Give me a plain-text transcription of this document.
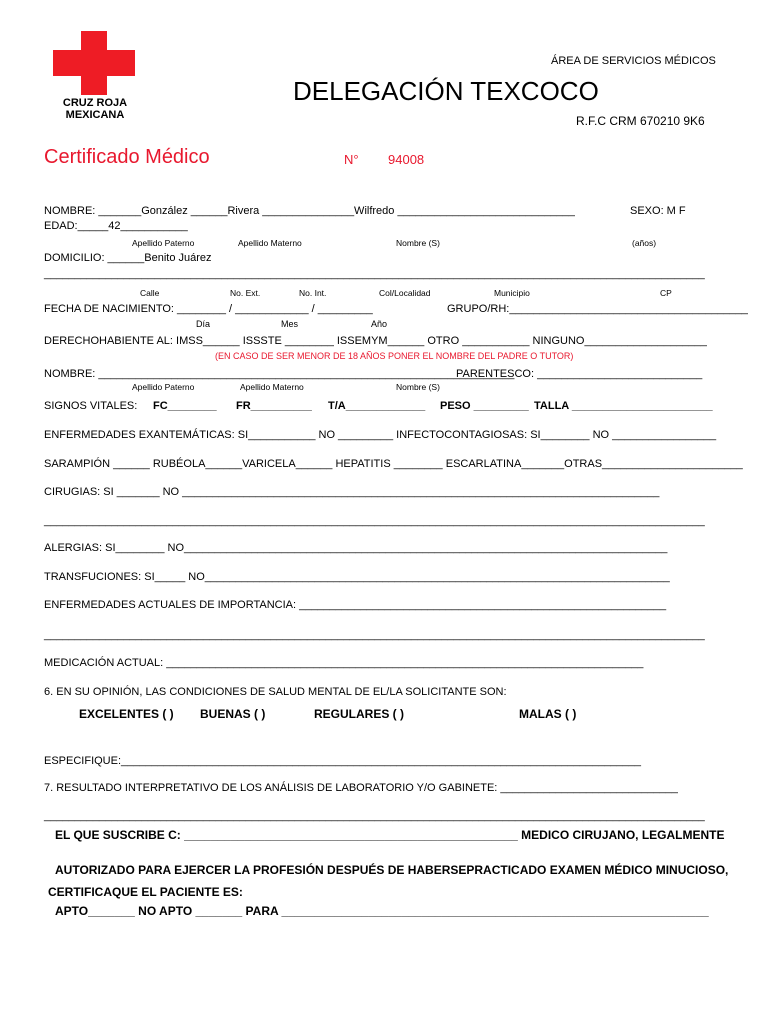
CRUZ ROJA
MEXICANA
ÁREA DE SERVICIOS MÉDICOS
DELEGACIÓN TEXCOCO
R.F.C CRM 670210 9K6
Certificado Médico	N° 94008
NOMBRE: _______González ______Rivera _______________Wilfredo _____________________________	SEXO: M F
EDAD:_____42___________
Apellido Paterno	Apellido Materno	Nombre (S)	(años)
DOMICILIO: ______Benito Juárez
____________________________________________________________________________________________________________
Calle	No. Ext.	No. Int.	Col/Localidad	Municipio	CP
FECHA DE NACIMIENTO: ________ / ____________ / _________	GRUPO/RH:_______________________________________
Día	Mes	Año
DERECHOHABIENTE AL: IMSS______ ISSSTE ________ ISSEMYM______ OTRO ___________ NINGUNO____________________
(EN CASO DE SER MENOR DE 18 AÑOS PONER EL NOMBRE DEL PADRE O TUTOR)
NOMBRE: ____________________________________________________________________
PARENTESCO: ___________________________
Apellido Paterno	Apellido Materno	Nombre (S)
SIGNOS VITALES: FC________ FR__________ T/A_____________ PESO _________ TALLA _______________________
ENFERMEDADES EXANTEMÁTICAS: SI___________ NO _________ INFECTOCONTAGIOSAS: SI________ NO _________________
SARAMPIÓN ______ RUBÉOLA______VARICELA______ HEPATITIS ________ ESCARLATINA_______OTRAS_______________________
CIRUGIAS: SI _______ NO ______________________________________________________________________________
____________________________________________________________________________________________________________
ALERGIAS: SI________ NO_______________________________________________________________________________
TRANSFUCIONES: SI_____ NO____________________________________________________________________________
ENFERMEDADES ACTUALES DE IMPORTANCIA: ____________________________________________________________
____________________________________________________________________________________________________________
MEDICACIÓN ACTUAL: ______________________________________________________________________________
6. EN SU OPINIÓN, LAS CONDICIONES DE SALUD MENTAL DE EL/LA SOLICITANTE SON:
EXCELENTES ( ) BUENAS ( )	REGULARES ( )	MALAS ( )
ESPECIFIQUE:_____________________________________________________________________________________
7. RESULTADO INTERPRETATIVO DE LOS ANÁLISIS DE LABORATORIO Y/O GABINETE: _____________________________
____________________________________________________________________________________________________________
EL QUE SUSCRIBE C: __________________________________________________ MEDICO CIRUJANO, LEGALMENTE
AUTORIZADO PARA EJERCER LA PROFESIÓN DESPUÉS DE HABERSEPRACTICADO EXAMEN MÉDICO MINUCIOSO,
CERTIFICAQUE EL PACIENTE ES:
APTO_______ NO APTO _______ PARA ________________________________________________________________
